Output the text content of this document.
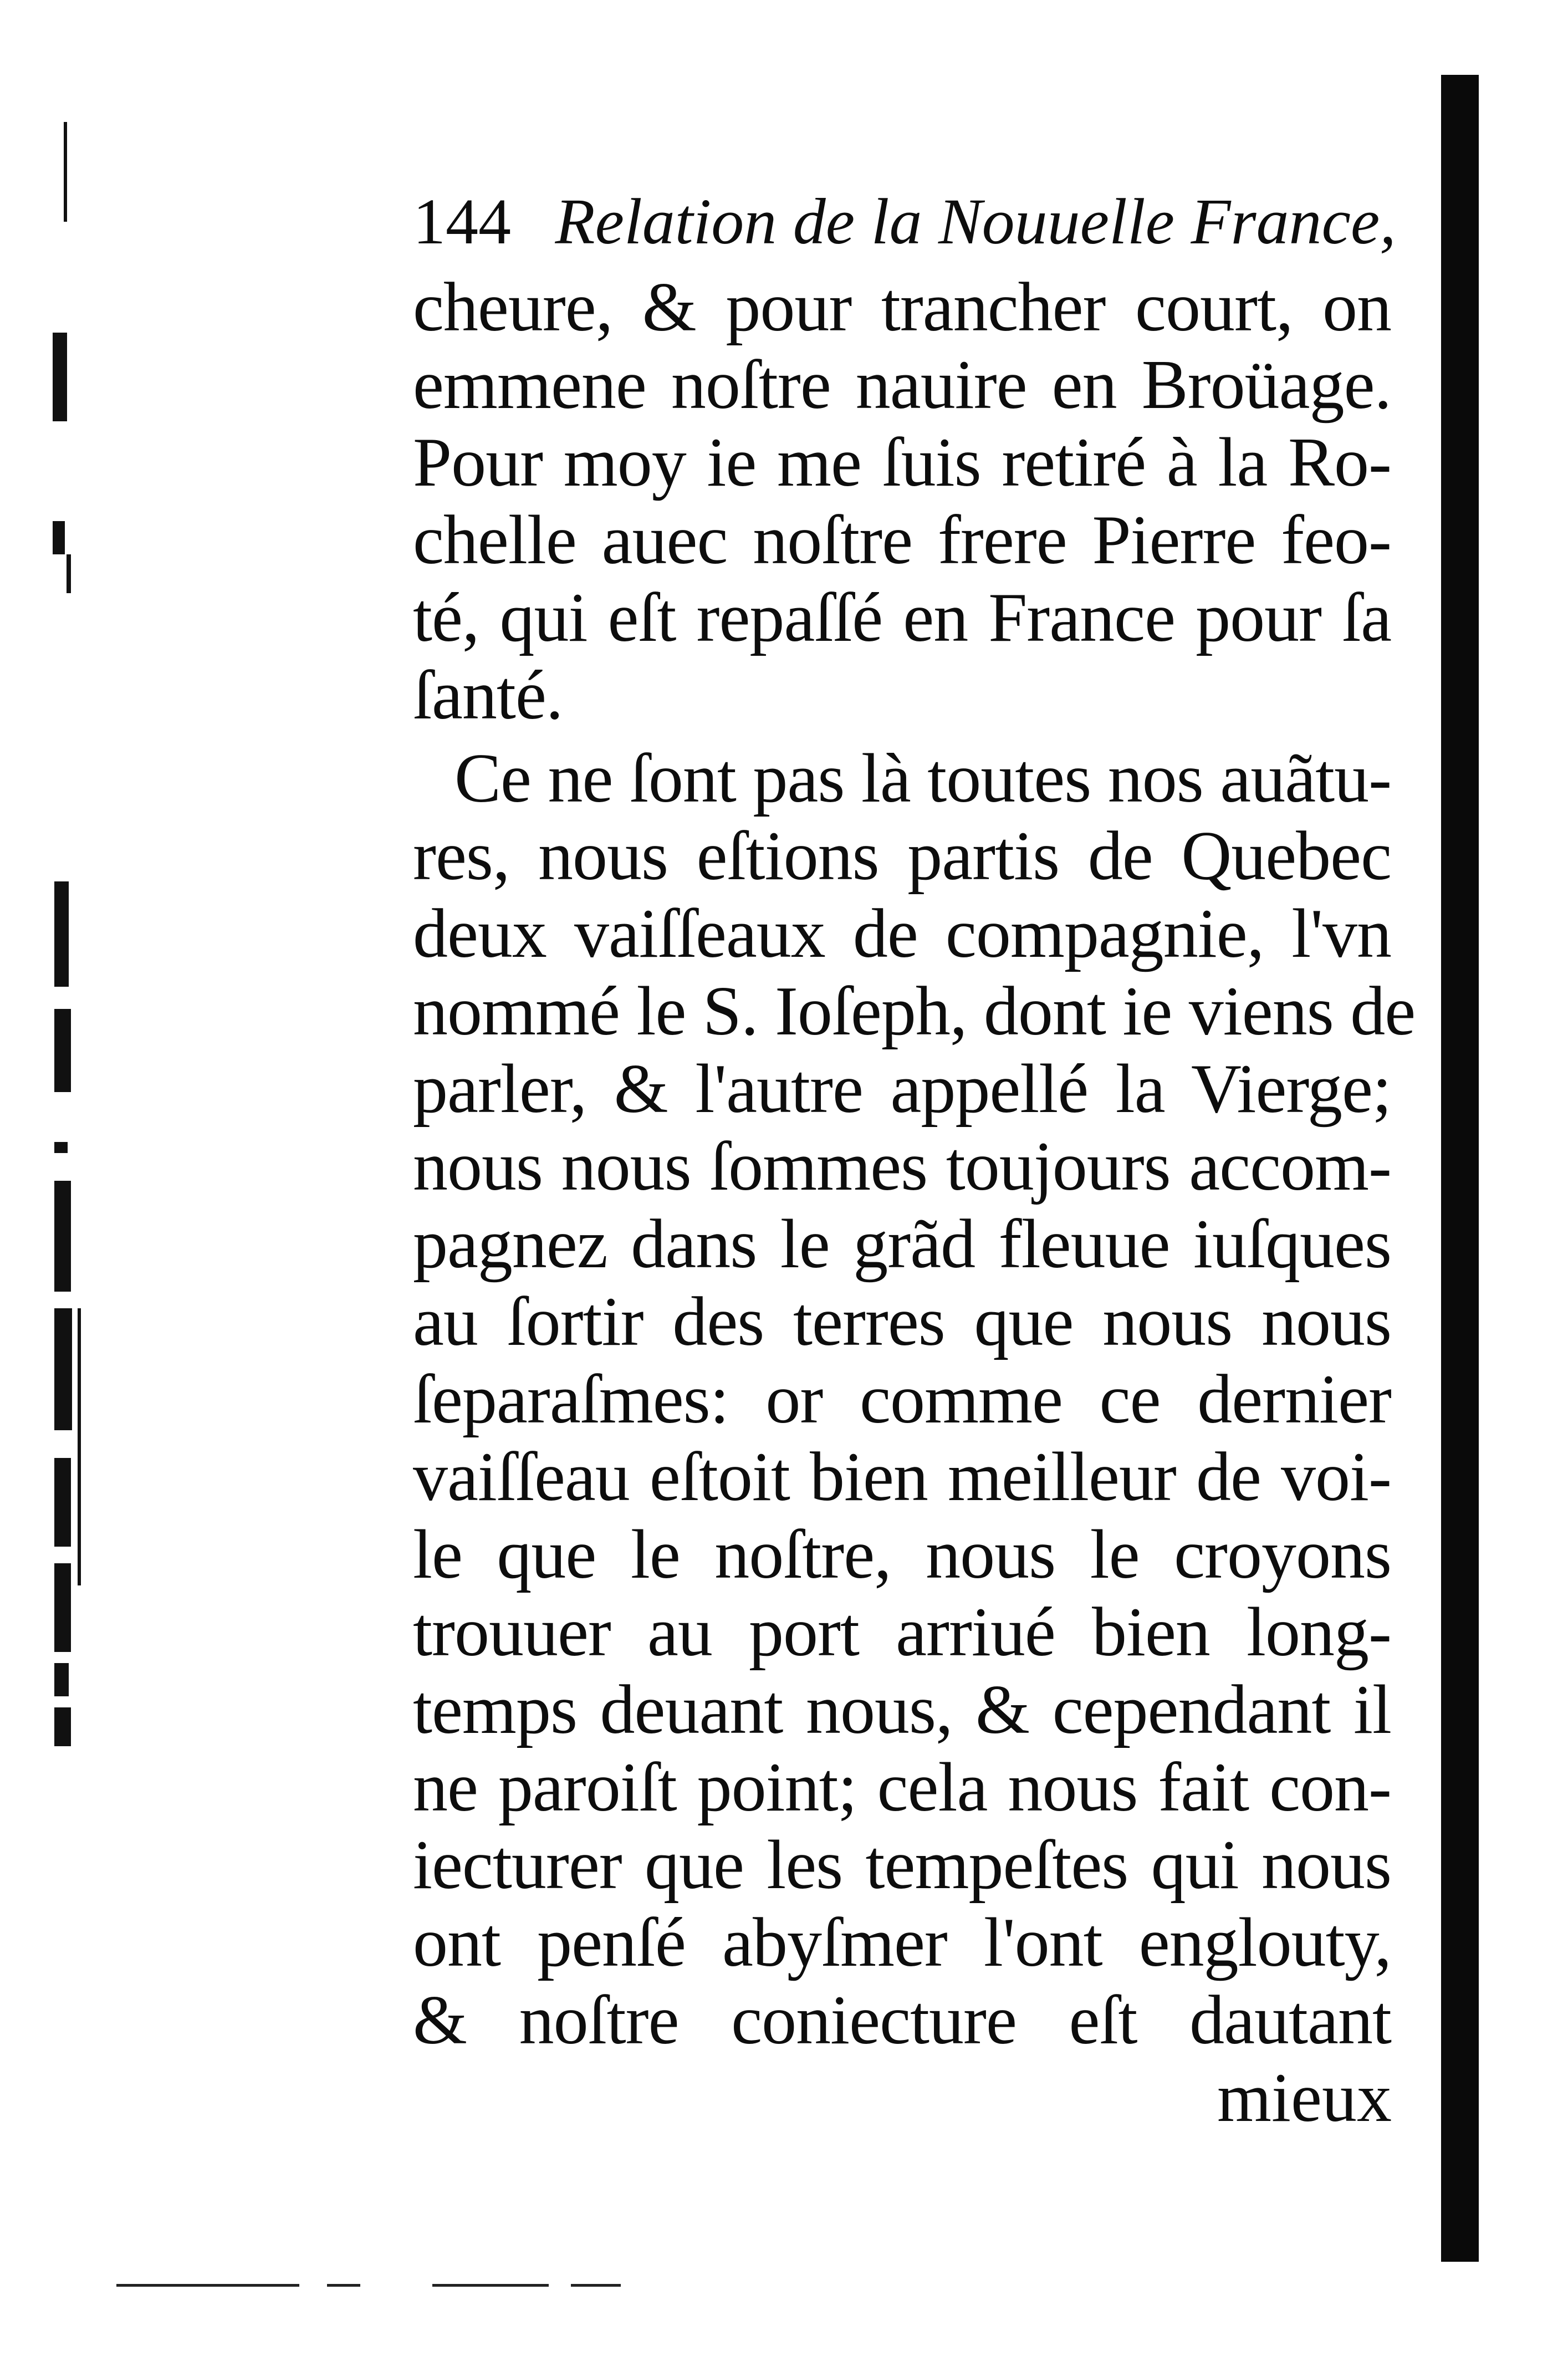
144 Relation de la Nouuelle France,
cheure, & pour trancher court, on
emmene noſtre nauire en Broüage.
Pour moy ie me ſuis retiré à la Ro-
chelle auec noſtre frere Pierre feo-
té, qui eſt repaſſé en France pour ſa
ſanté.
Ce ne ſont pas là toutes nos auãtu-
res, nous eſtions partis de Quebec
deux vaiſſeaux de compagnie, l'vn
nommé le S. Ioſeph, dont ie viens de
parler, & l'autre appellé la Vierge;
nous nous ſommes toujours accom-
pagnez dans le grãd fleuue iuſques
au ſortir des terres que nous nous
ſeparaſmes: or comme ce dernier
vaiſſeau eſtoit bien meilleur de voi-
le que le noſtre, nous le croyons
trouuer au port arriué bien long-
temps deuant nous, & cependant il
ne paroiſt point; cela nous fait con-
iecturer que les tempeſtes qui nous
ont penſé abyſmer l'ont englouty,
& noſtre coniecture eſt dautant
mieux
